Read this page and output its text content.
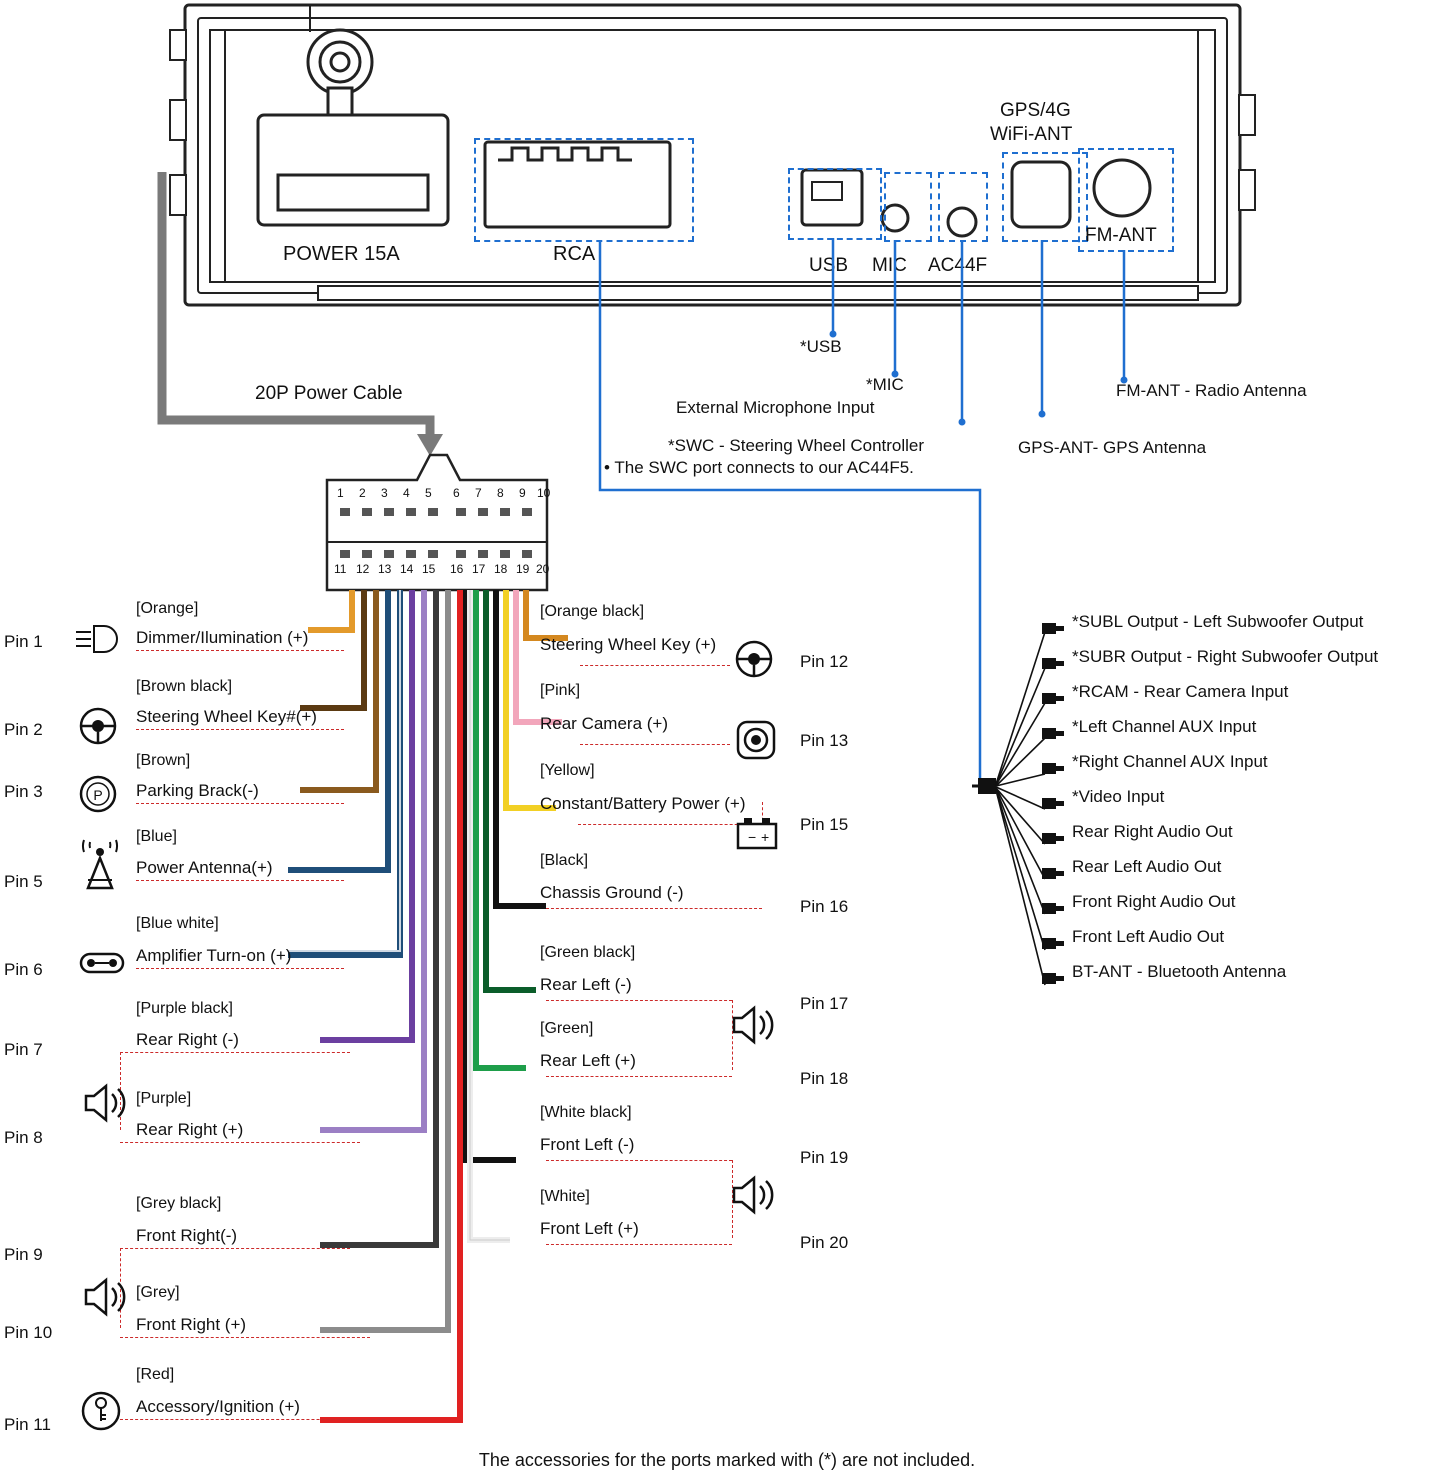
POWER 15A	RCA
USB MIC AC44F
GPS/4G
WiFi-ANT
FM-ANT
*USB
*MIC
External Microphone Input
*SWC - Steering Wheel Controller
• The SWC port connects to our AC44F5.
GPS-ANT- GPS Antenna
FM-ANT - Radio Antenna
20P Power Cable
1 2 3 4 5 6 7 8 9 10
11 12 13 14 15 16 17 18 19 20
Pin 1
[Orange]
Dimmer/Ilumination (+)
Pin 2
[Brown black]
Steering Wheel Key#(+)
Pin 3	P
[Brown]
Parking Brack(-)
Pin 5
[Blue]
Power Antenna(+)
Pin 6
[Blue white]
Amplifier Turn-on (+)
Pin 7
[Purple black]
Rear Right (-)
Pin 8
[Purple]
Rear Right (+)
Pin 9
[Grey black]
Front Right(-)
Pin 10
[Grey]
Front Right (+)
Pin 11
[Red]
Accessory/Ignition (+)
[Orange black]
Steering Wheel Key (+)
Pin 12
[Pink]
Rear Camera (+)
Pin 13
[Yellow]
Constant/Battery Power (+)
− +
Pin 15
[Black]
Chassis Ground (-)
Pin 16
[Green black]
Rear Left (-)
Pin 17
[Green]
Rear Left (+)
Pin 18
[White black]
Front Left (-)
Pin 19
[White]
Front Left (+)
Pin 20
*SUBL Output - Left Subwoofer Output
*SUBR Output - Right Subwoofer Output
*RCAM - Rear Camera Input
*Left Channel AUX Input
*Right Channel AUX Input
*Video Input
Rear Right Audio Out
Rear Left Audio Out
Front Right Audio Out
Front Left Audio Out
BT-ANT - Bluetooth Antenna
The accessories for the ports marked with (*) are not included.
